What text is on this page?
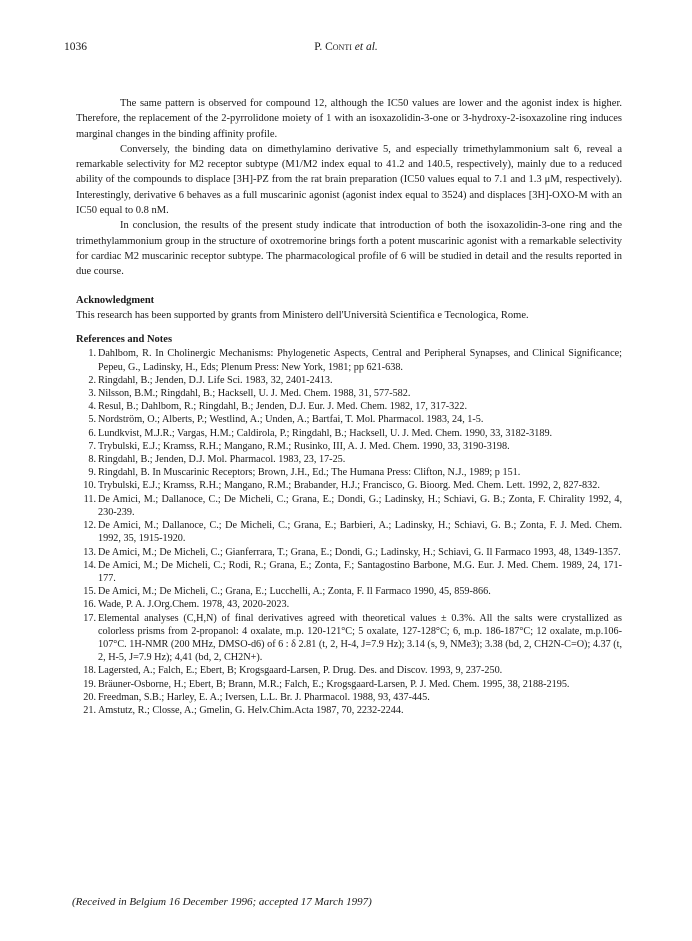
1036	P. Conti et al.

The same pattern is observed for compound 12, although the IC50 values are lower and the agonist index is higher. Therefore, the replacement of the 2-pyrrolidone moiety of 1 with an isoxazolidin-3-one or 3-hydroxy-2-isoxazoline ring induces marginal changes in the binding affinity profile.

Conversely, the binding data on dimethylamino derivative 5, and especially trimethylammonium salt 6, reveal a remarkable selectivity for M2 receptor subtype (M1/M2 index equal to 41.2 and 140.5, respectively), mainly due to a reduced ability of the compounds to displace [3H]-PZ from the rat brain preparation (IC50 values equal to 7.1 and 1.3 μM, respectively). Interestingly, derivative 6 behaves as a full muscarinic agonist (agonist index equal to 3524) and displaces [3H]-OXO-M with an IC50 equal to 0.8 nM.

In conclusion, the results of the present study indicate that introduction of both the isoxazolidin-3-one ring and the trimethylammonium group in the structure of oxotremorine brings forth a potent muscarinic agonist with a remarkable selectivity for cardiac M2 muscarinic receptor subtype. The pharmacological profile of 6 will be studied in detail and the results reported in due course.

Acknowledgment

This research has been supported by grants from Ministero dell'Università Scientifica e Tecnologica, Rome.

References and Notes

1. Dahlbom, R. In Cholinergic Mechanisms: Phylogenetic Aspects, Central and Peripheral Synapses, and Clinical Significance; Pepeu, G., Ladinsky, H., Eds; Plenum Press: New York, 1981; pp 621-638.
2. Ringdahl, B.; Jenden, D.J. Life Sci. 1983, 32, 2401-2413.
3. Nilsson, B.M.; Ringdahl, B.; Hacksell, U. J. Med. Chem. 1988, 31, 577-582.
4. Resul, B.; Dahlbom, R.; Ringdahl, B.; Jenden, D.J. Eur. J. Med. Chem. 1982, 17, 317-322.
5. Nordström, O.; Alberts, P.; Westlind, A.; Unden, A.; Bartfai, T. Mol. Pharmacol. 1983, 24, 1-5.
6. Lundkvist, M.J.R.; Vargas, H.M.; Caldirola, P.; Ringdahl, B.; Hacksell, U. J. Med. Chem. 1990, 33, 3182-3189.
7. Trybulski, E.J.; Kramss, R.H.; Mangano, R.M.; Rusinko, III, A. J. Med. Chem. 1990, 33, 3190-3198.
8. Ringdahl, B.; Jenden, D.J. Mol. Pharmacol. 1983, 23, 17-25.
9. Ringdahl, B. In Muscarinic Receptors; Brown, J.H., Ed.; The Humana Press: Clifton, N.J., 1989; p 151.
10. Trybulski, E.J.; Kramss, R.H.; Mangano, R.M.; Brabander, H.J.; Francisco, G. Bioorg. Med. Chem. Lett. 1992, 2, 827-832.
11. De Amici, M.; Dallanoce, C.; De Micheli, C.; Grana, E.; Dondi, G.; Ladinsky, H.; Schiavi, G. B.; Zonta, F. Chirality 1992, 4, 230-239.
12. De Amici, M.; Dallanoce, C.; De Micheli, C.; Grana, E.; Barbieri, A.; Ladinsky, H.; Schiavi, G. B.; Zonta, F. J. Med. Chem. 1992, 35, 1915-1920.
13. De Amici, M.; De Micheli, C.; Gianferrara, T.; Grana, E.; Dondi, G.; Ladinsky, H.; Schiavi, G. Il Farmaco 1993, 48, 1349-1357.
14. De Amici, M.; De Micheli, C.; Rodi, R.; Grana, E.; Zonta, F.; Santagostino Barbone, M.G. Eur. J. Med. Chem. 1989, 24, 171-177.
15. De Amici, M.; De Micheli, C.; Grana, E.; Lucchelli, A.; Zonta, F. Il Farmaco 1990, 45, 859-866.
16. Wade, P. A. J.Org.Chem. 1978, 43, 2020-2023.
17. Elemental analyses (C,H,N) of final derivatives agreed with theoretical values ± 0.3%. All the salts were crystallized as colorless prisms from 2-propanol: 4 oxalate, m.p. 120-121°C; 5 oxalate, 127-128°C; 6, m.p. 186-187°C; 12 oxalate, m.p.106-107°C. 1H-NMR (200 MHz, DMSO-d6) of 6 : δ 2.81 (t, 2, H-4, J=7.9 Hz); 3.14 (s, 9, NMe3); 3.38 (bd, 2, CH2N-C=O); 4.37 (t, 2, H-5, J=7.9 Hz); 4,41 (bd, 2, CH2N+).
18. Lagersted, A.; Falch, E.; Ebert, B; Krogsgaard-Larsen, P. Drug. Des. and Discov. 1993, 9, 237-250.
19. Bräuner-Osborne, H.; Ebert, B; Brann, M.R.; Falch, E.; Krogsgaard-Larsen, P. J. Med. Chem. 1995, 38, 2188-2195.
20. Freedman, S.B.; Harley, E. A.; Iversen, L.L. Br. J. Pharmacol. 1988, 93, 437-445.
21. Amstutz, R.; Closse, A.; Gmelin, G. Helv.Chim.Acta 1987, 70, 2232-2244.
(Received in Belgium 16 December 1996; accepted 17 March 1997)
